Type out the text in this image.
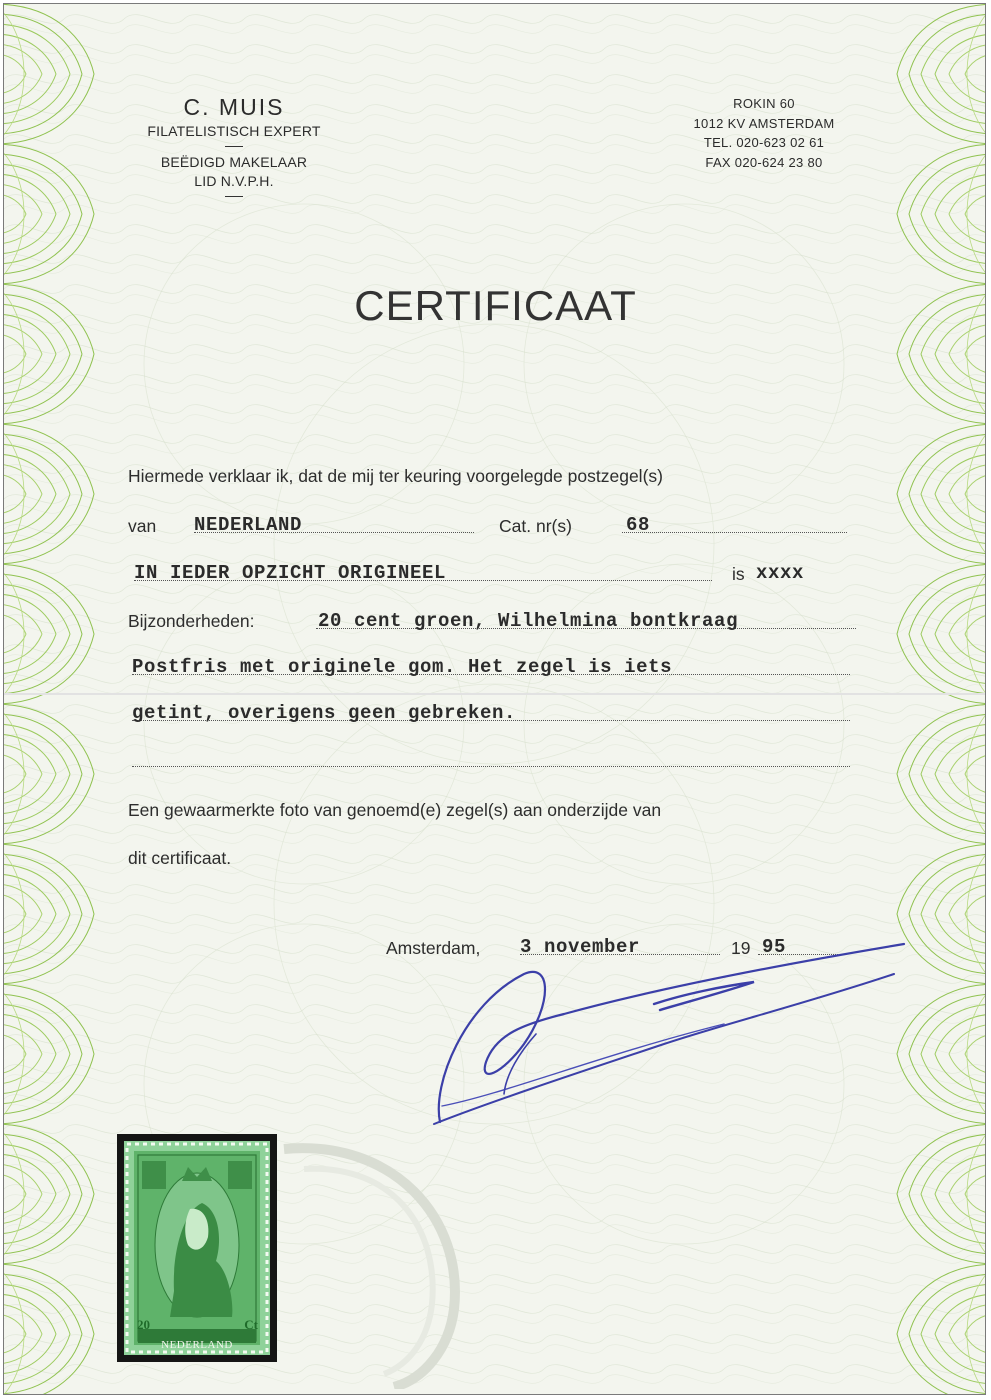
C. MUIS
FILATELISTISCH EXPERT
BEËDIGD MAKELAAR
LID N.V.P.H.
ROKIN 60
1012 KV AMSTERDAM
TEL. 020-623 02 61
FAX 020-624 23 80
CERTIFICAAT
Hiermede verklaar ik, dat de mij ter keuring voorgelegde postzegel(s)
van NEDERLAND	Cat. nr(s)	68
IN IEDER OPZICHT ORIGINEEL	is xxxx
Bijzonderheden:	20 cent groen, Wilhelmina bontkraag
Postfris met originele gom. Het zegel is iets
getint, overigens geen gebreken.
Een gewaarmerkte foto van genoemd(e) zegel(s) aan onderzijde van
dit certificaat.
Amsterdam, 3 november	19 95
20	Ct
NEDERLAND
